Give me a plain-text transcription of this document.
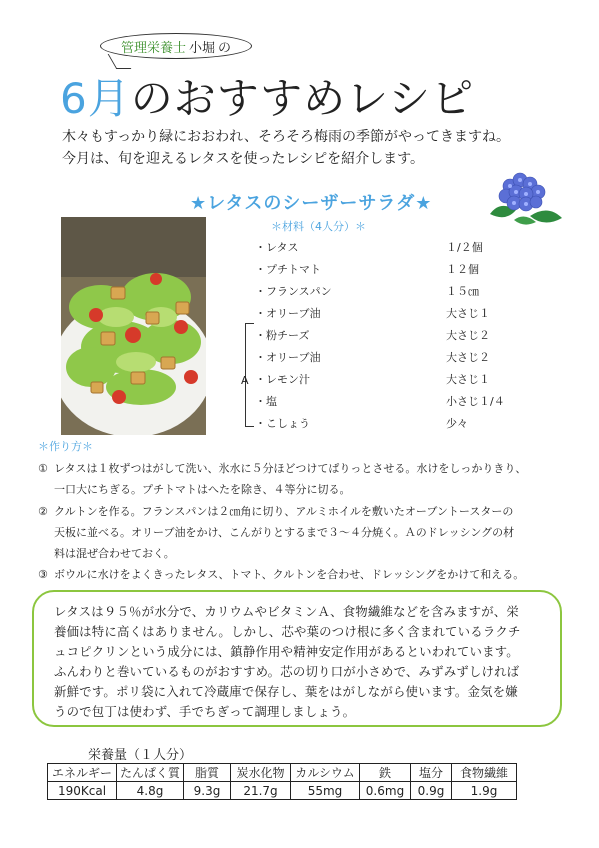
管理栄養士 小堀 の
6月のおすすめレシピ
木々もすっかり緑におおわれ、そろそろ梅雨の季節がやってきますね。
今月は、旬を迎えるレタスを使ったレシピを紹介します。
★レタスのシーザーサラダ★
＊材料（4人分）＊
・レタス	１/２個
・プチトマト	１２個
・フランスパン	１５㎝
・オリーブ油	大さじ１
・粉チーズ	大さじ２
・オリーブ油	大さじ２
・レモン汁	大さじ１
・塩	小さじ１/４
・こしょう	少々
A
＊作り方＊
① レタスは１枚ずつはがして洗い、氷水に５分ほどつけてぱりっとさせる。水けをしっかりきり、
一口大にちぎる。プチトマトはへたを除き、４等分に切る。
② クルトンを作る。フランスパンは２㎝角に切り、アルミホイルを敷いたオーブントースターの
天板に並べる。オリーブ油をかけ、こんがりとするまで３～４分焼く。Ａのドレッシングの材
料は混ぜ合わせておく。
③ ボウルに水けをよくきったレタス、トマト、クルトンを合わせ、ドレッシングをかけて和える。
レタスは９５％が水分で、カリウムやビタミンＡ、食物繊維などを含みますが、栄
養価は特に高くはありません。しかし、芯や葉のつけ根に多く含まれているラクチ
ュコピクリンという成分には、鎮静作用や精神安定作用があるといわれています。
ふんわりと巻いているものがおすすめ。芯の切り口が小さめで、みずみずしければ
新鮮です。ポリ袋に入れて冷蔵庫で保存し、葉をはがしながら使います。金気を嫌
うので包丁は使わず、手でちぎって調理しましょう。
栄養量（１人分）
エネルギー	たんぱく質	脂質	炭水化物	カルシウム	鉄	塩分	食物繊維
190Kcal	4.8g	9.3g	21.7g	55mg	0.6mg	0.9g	1.9g
